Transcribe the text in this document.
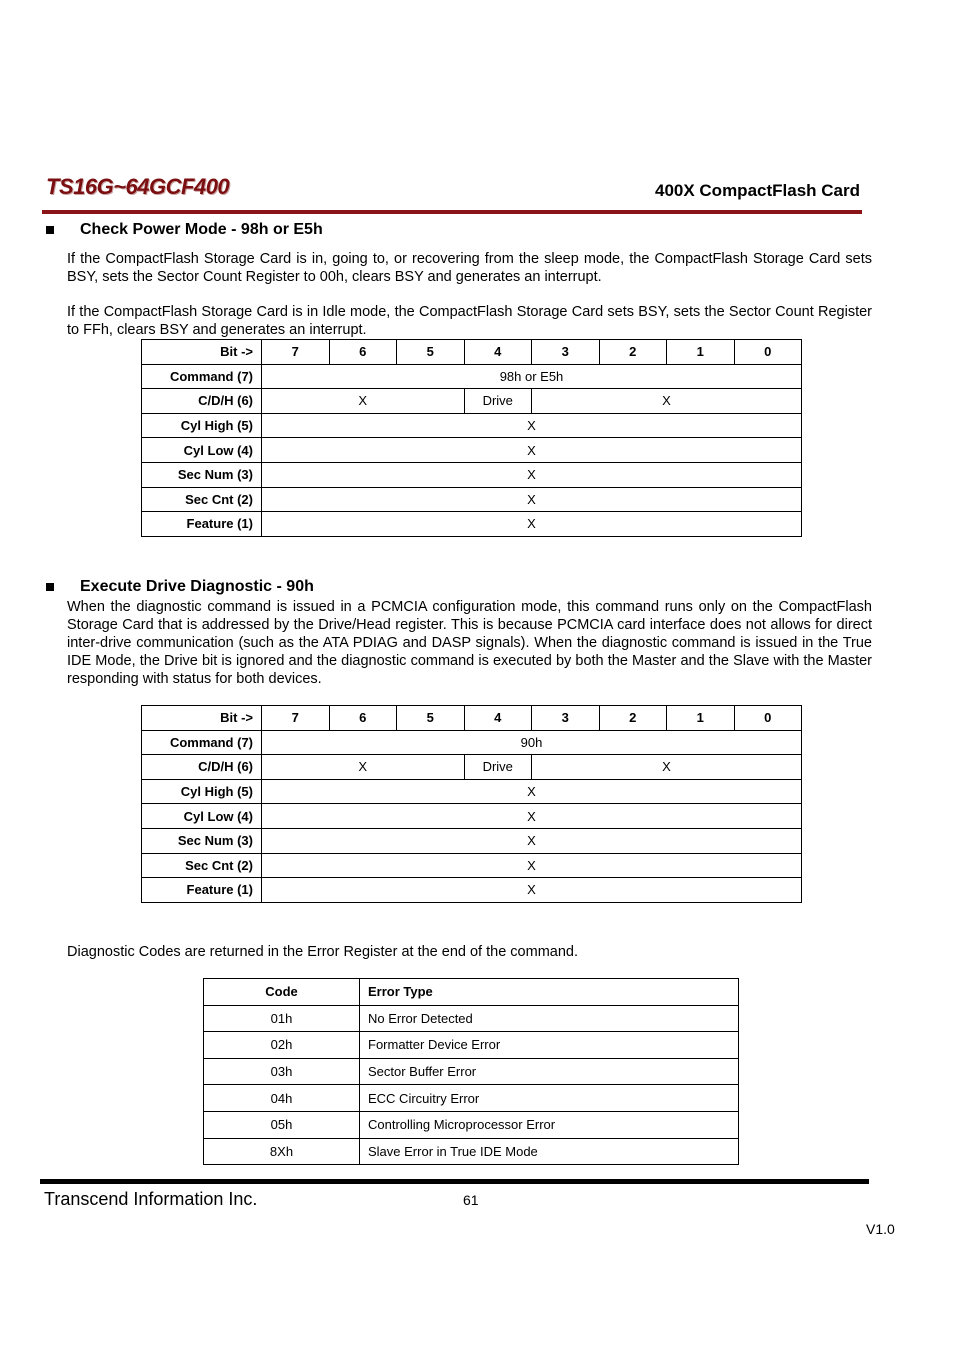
TS16G~64GCF400	400X CompactFlash Card
Check Power Mode - 98h or E5h

If the CompactFlash Storage Card is in, going to, or recovering from the sleep mode, the CompactFlash Storage Card sets BSY, sets the Sector Count Register to 00h, clears BSY and generates an interrupt.

If the CompactFlash Storage Card is in Idle mode, the CompactFlash Storage Card sets BSY, sets the Sector Count Register to FFh, clears BSY and generates an interrupt.

Bit ->	7	6	5	4	3	2	1	0
Command (7)	98h or E5h							
C/D/H (6)	X			Drive	X			
Cyl High (5)	X							
Cyl Low (4)	X							
Sec Num (3)	X							
Sec Cnt (2)	X							
Feature (1)	X							
Execute Drive Diagnostic - 90h

When the diagnostic command is issued in a PCMCIA configuration mode, this command runs only on the CompactFlash Storage Card that is addressed by the Drive/Head register. This is because PCMCIA card interface does not allows for direct inter-drive communication (such as the ATA PDIAG and DASP signals). When the diagnostic command is issued in the True IDE Mode, the Drive bit is ignored and the diagnostic command is executed by both the Master and the Slave with the Master responding with status for both devices.

Bit ->	7	6	5	4	3	2	1	0
Command (7)	90h							
C/D/H (6)	X			Drive	X			
Cyl High (5)	X							
Cyl Low (4)	X							
Sec Num (3)	X							
Sec Cnt (2)	X							
Feature (1)	X							

Diagnostic Codes are returned in the Error Register at the end of the command.

Code	Error Type
01h	No Error Detected
02h	Formatter Device Error
03h	Sector Buffer Error
04h	ECC Circuitry Error
05h	Controlling Microprocessor Error
8Xh	Slave Error in True IDE Mode
Transcend Information Inc.	61
V1.0
